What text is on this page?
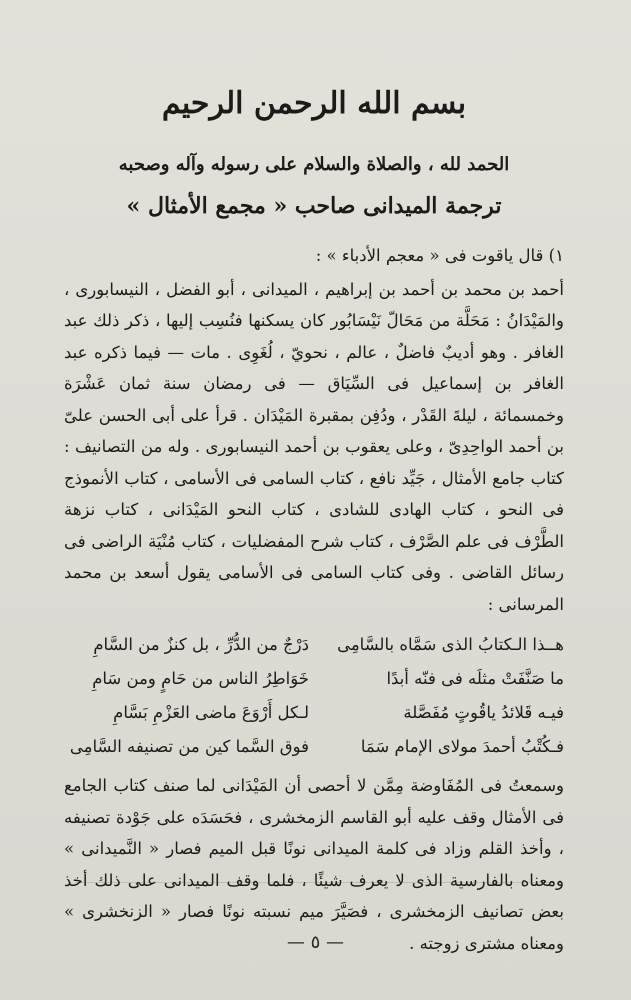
بسم الله الرحمن الرحيم
الحمد لله ، والصلاة والسلام على رسوله وآله وصحبه
ترجمة الميدانى صاحب « مجمع الأمثال »
١) قال ياقوت فى « معجم الأدباء » :

أحمد بن محمد بن أحمد بن إبراهيم ، الميدانى ، أبو الفضل ، النيسابورى ، والمَيْدَانُ : مَحَلَّة من مَحَالّ نَيْسَابُور كان يسكنها فنُسِب إليها ، ذكر ذلك عبد الغافر . وهو أديبٌ فاضلٌ ، عالم ، نحويّ ، لُغَوِى . مات — فيما ذكره عبد الغافر بن إسماعيل فى السِّيَاق — فى رمضان سنة ثمان عَشْرَة وخمسمائة ، ليلةَ القَدْر ، ودُفِن بمقبرة المَيْدَان . قرأ على أبى الحسن علىّ بن أحمد الواحِدِىّ ، وعلى يعقوب بن أحمد النيسابورى . وله من التصانيف : كتاب جامع الأمثال ، جَيِّد نافع ، كتاب السامى فى الأسامى ، كتاب الأنموذج فى النحو ، كتاب الهادى للشادى ، كتاب النحو المَيْدَانى ، كتاب نزهة الطَّرْف فى علم الصَّرْف ، كتاب شرح المفضليات ، كتاب مُنْيَة الراضى فى رسائل القاضى . وفى كتاب السامى فى الأسامى يقول أسعد بن محمد المرسانى :

هــذا الـكتابُ الذى سَمَّاه بالسَّامِى
دَرْجٌ من الدُّرِّ ، بل كنزٌ من السَّامِ
ما صَنَّفَتْ مثلَه فى فنّه أبدًا
خَوَاطِرُ الناس من حَامٍ ومن سَامِ
فيـه قَلائدُ ياقُوتٍ مُفَصَّلة
لـكل أَرْوَعَ ماضى العَزْمِ بَسَّامِ
فـكُتْبُ أحمدَ مولاى الإمام سَمَا
فوق السَّما كين من تصنيفه السَّامِى

وسمعتُ فى المُفَاوضة مِمَّن لا أحصى أن المَيْدَانى لما صنف كتاب الجامع فى الأمثال وقف عليه أبو القاسم الزمخشرى ، فحَسَدَه على جَوْدة تصنيفه ، وأخذ القلم وزاد فى كلمة الميدانى نونًا قبل الميم فصار « النَّميدانى » ومعناه بالفارسية الذى لا يعرف شيئًا ، فلما وقف الميدانى على ذلك أخذ بعض تصانيف الزمخشرى ، فصَيَّرَ ميم نسبته نونًا فصار « الزنخشرى » ومعناه مشترى زوجته .

— ٥ —
